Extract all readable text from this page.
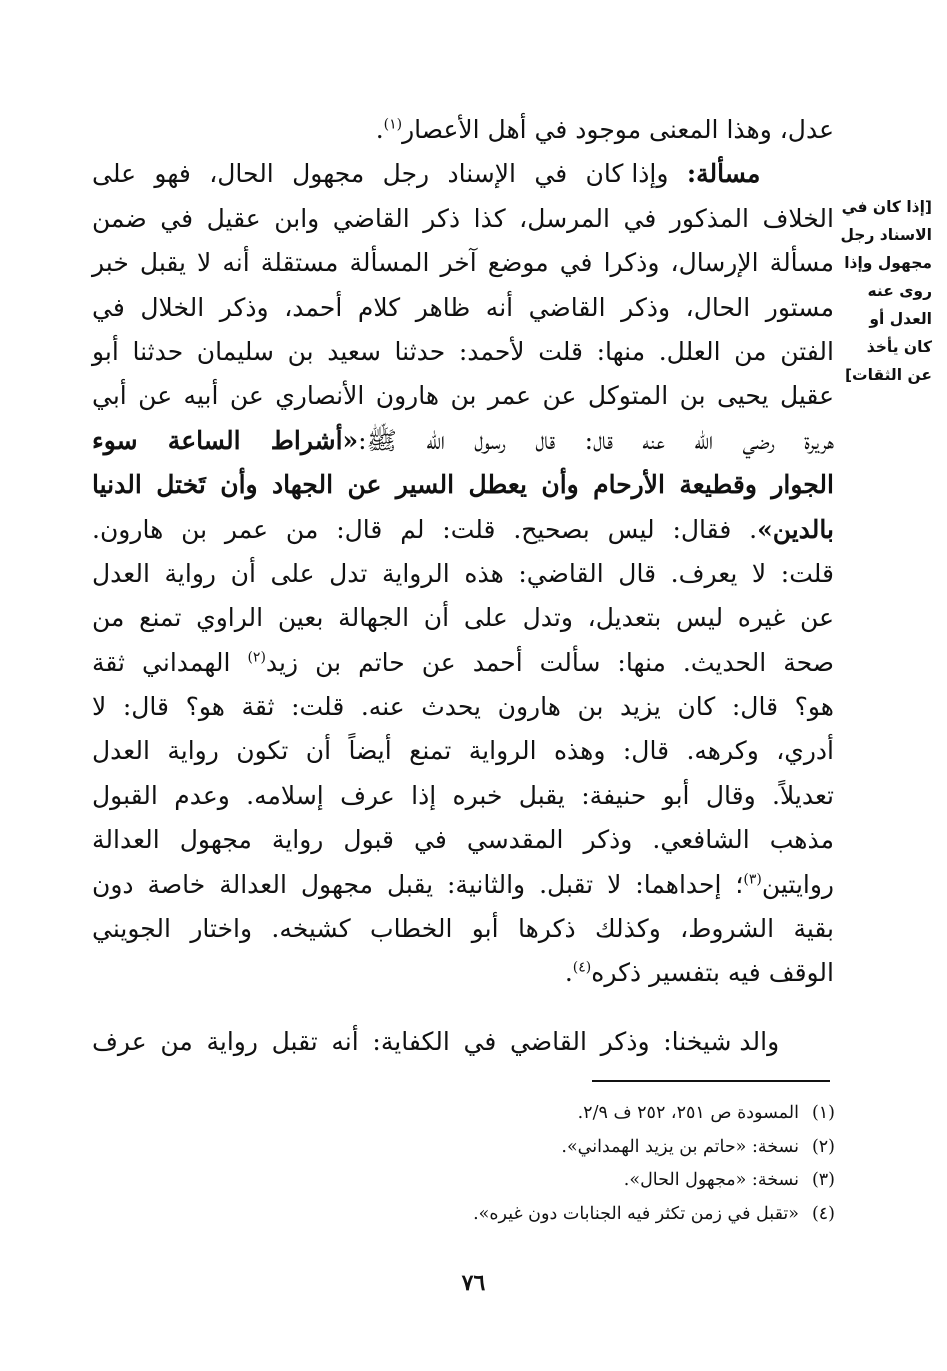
عدل، وهذا المعنى موجود في أهل الأعصار$^{(١)}$.

مسألة: وإذا كان في الإسناد رجل مجهول الحال، فهو على
الخلاف المذكور في المرسل، كذا ذكر القاضي وابن عقيل في ضمن
مسألة الإرسال، وذكرا في موضع آخر المسألة مستقلة أنه لا يقبل خبر
مستور الحال، وذكر القاضي أنه ظاهر كلام أحمد، وذكر الخلال في
الفتن من العلل. منها: قلت لأحمد: حدثنا سعيد بن سليمان حدثنا أبو
عقيل يحيى بن المتوكل عن عمر بن هارون الأنصاري عن أبيه عن أبي
هريرة رضي الله عنه قال: قال رسول الله ﷺ:«أشراط الساعة سوء
الجوار وقطيعة الأرحام وأن يعطل السير عن الجهاد وأن تَختل الدنيا
بالدين». فقال: ليس بصحيح. قلت: لم قال: من عمر بن هارون.
قلت: لا يعرف. قال القاضي: هذه الرواية تدل على أن رواية العدل
عن غيره ليس بتعديل، وتدل على أن الجهالة بعين الراوي تمنع من
صحة الحديث. منها: سألت أحمد عن حاتم بن زيد$^{(٢)}$ الهمداني ثقة
هو؟ قال: كان يزيد بن هارون يحدث عنه. قلت: ثقة هو؟ قال: لا
أدري، وكرهه. قال: وهذه الرواية تمنع أيضاً أن تكون رواية العدل
تعديلاً. وقال أبو حنيفة: يقبل خبره إذا عرف إسلامه. وعدم القبول
مذهب الشافعي. وذكر المقدسي في قبول رواية مجهول العدالة
روايتين$^{(٣)}$؛ إحداهما: لا تقبل. والثانية: يقبل مجهول العدالة خاصة دون
بقية الشروط، وكذلك ذكرها أبو الخطاب كشيخه. واختار الجويني
الوقف فيه بتفسير ذكره$^{(٤)}$.

والد شيخنا: وذكر القاضي في الكفاية: أنه تقبل رواية من عرف

[إذا كان في
الاسناد رجل
مجهول وإذا
روى عنه
العدل أو
كان يأخذ
عن الثقات]
(١)المسودة ص ٢٥١، ٢٥٢ ف ٢/٩.
(٢)نسخة: «حاتم بن يزيد الهمداني».
(٣)نسخة: «مجهول الحال».
(٤)«تقبل في زمن تكثر فيه الجنابات دون غيره».
٧٦
